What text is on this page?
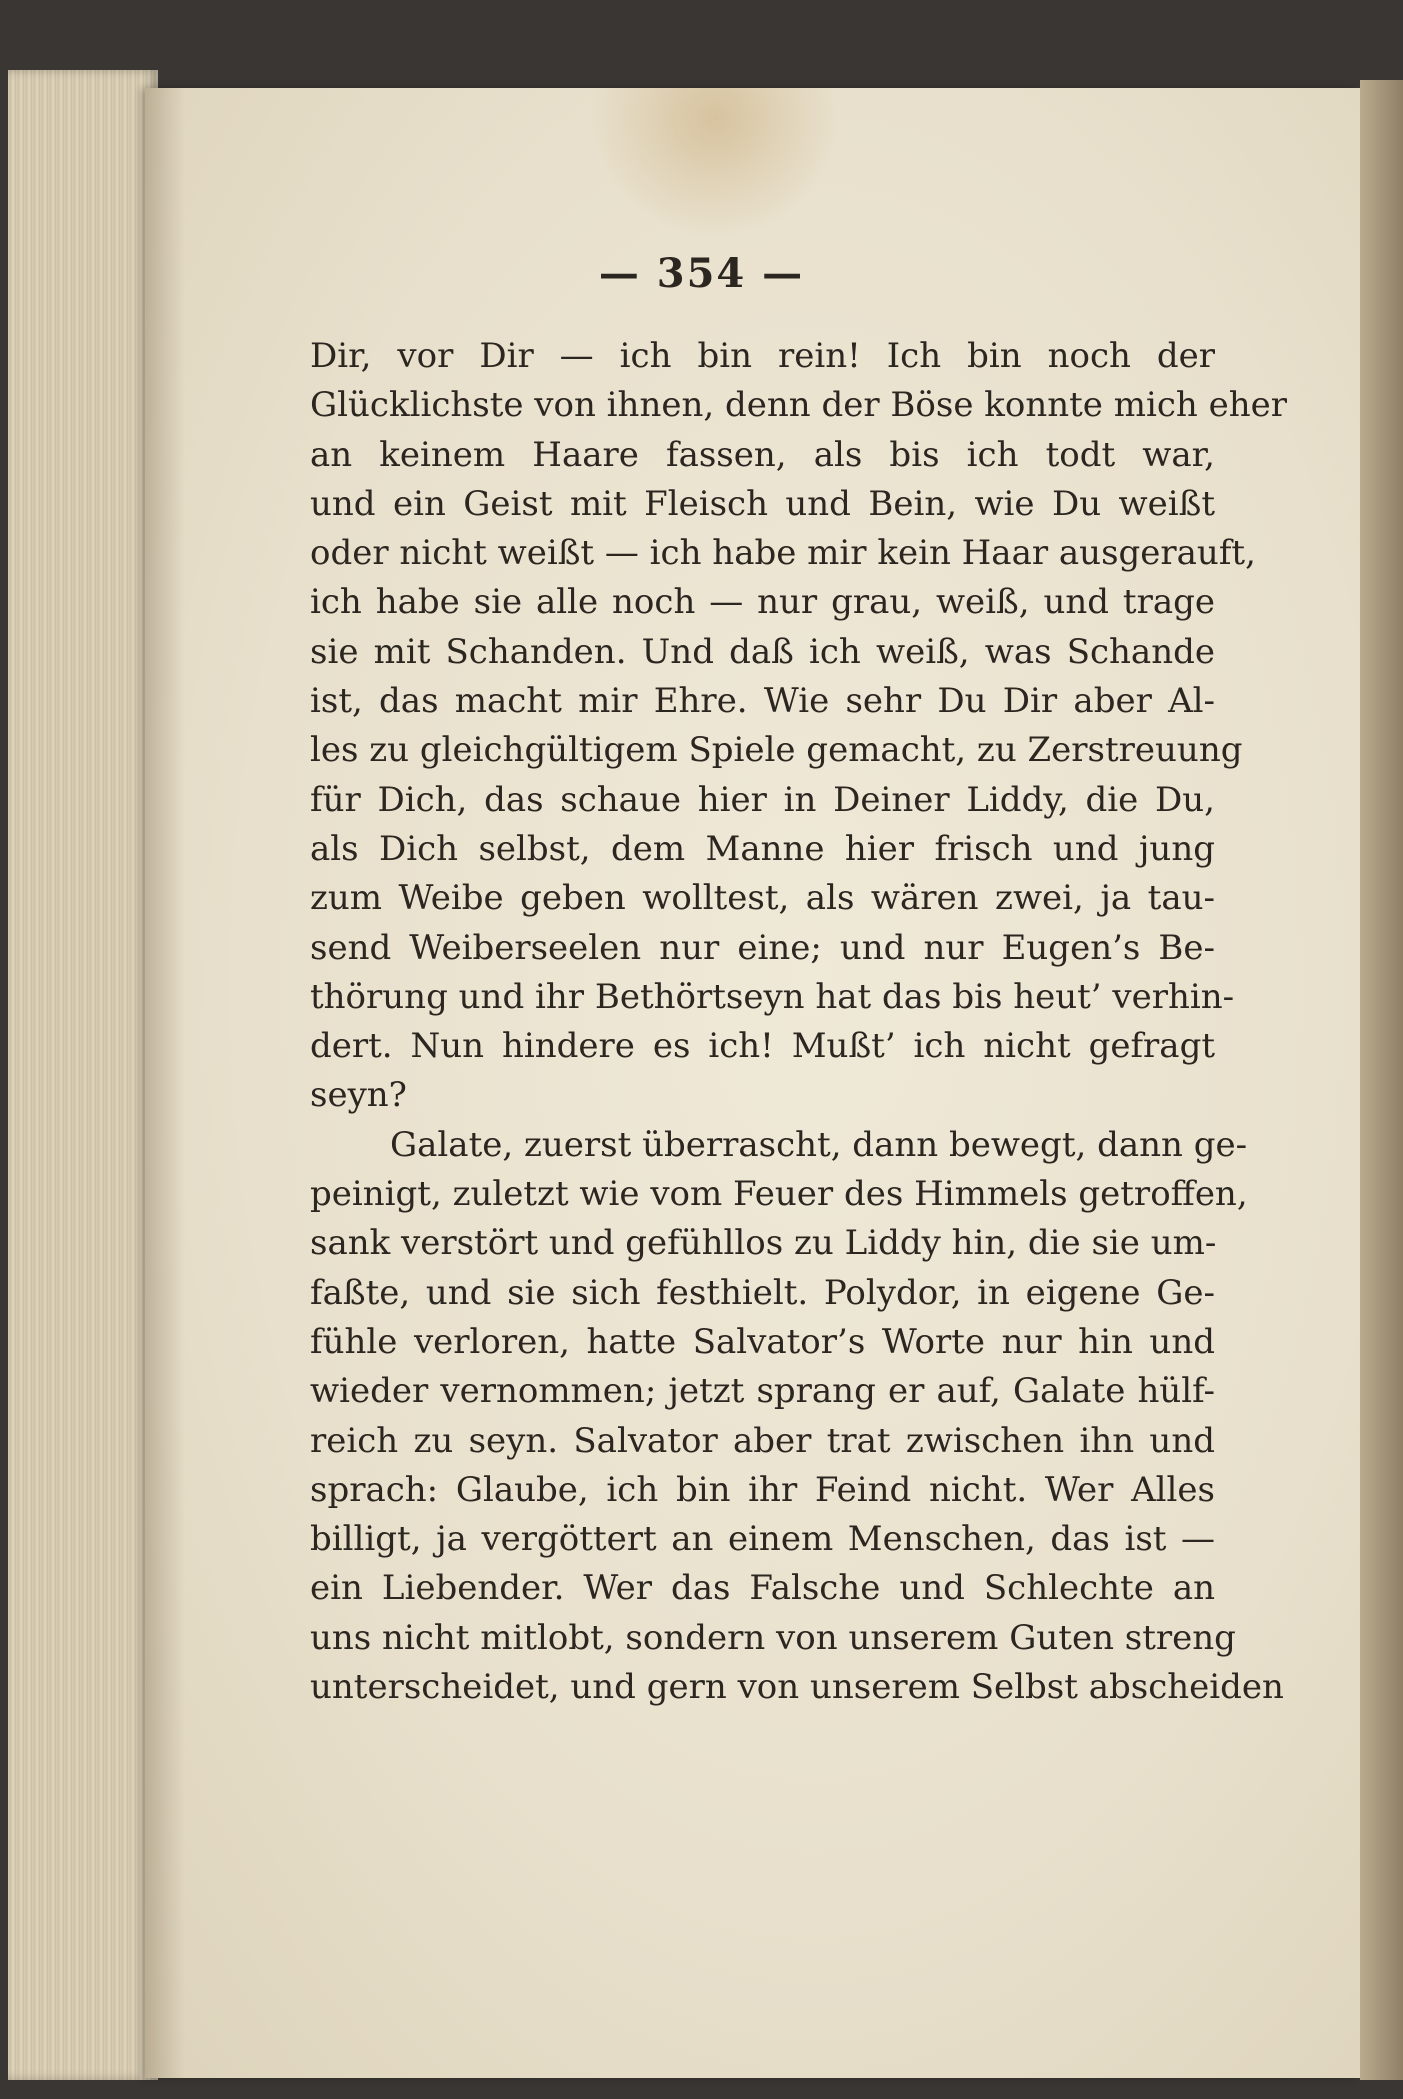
— 354 —
Dir, vor Dir — ich bin rein! Ich bin noch der
Glücklichste von ihnen, denn der Böse konnte mich eher
an keinem Haare fassen, als bis ich todt war,
und ein Geist mit Fleisch und Bein, wie Du weißt
oder nicht weißt — ich habe mir kein Haar ausgerauft,
ich habe sie alle noch — nur grau, weiß, und trage
sie mit Schanden. Und daß ich weiß, was Schande
ist, das macht mir Ehre. Wie sehr Du Dir aber Al-
les zu gleichgültigem Spiele gemacht, zu Zerstreuung
für Dich, das schaue hier in Deiner Liddy, die Du,
als Dich selbst, dem Manne hier frisch und jung
zum Weibe geben wolltest, als wären zwei, ja tau-
send Weiberseelen nur eine; und nur Eugen’s Be-
thörung und ihr Bethörtseyn hat das bis heut’ verhin-
dert. Nun hindere es ich! Mußt’ ich nicht gefragt
seyn?
Galate, zuerst überrascht, dann bewegt, dann ge-
peinigt, zuletzt wie vom Feuer des Himmels getroffen,
sank verstört und gefühllos zu Liddy hin, die sie um-
faßte, und sie sich festhielt. Polydor, in eigene Ge-
fühle verloren, hatte Salvator’s Worte nur hin und
wieder vernommen; jetzt sprang er auf, Galate hülf-
reich zu seyn. Salvator aber trat zwischen ihn und
sprach: Glaube, ich bin ihr Feind nicht. Wer Alles
billigt, ja vergöttert an einem Menschen, das ist —
ein Liebender. Wer das Falsche und Schlechte an
uns nicht mitlobt, sondern von unserem Guten streng
unterscheidet, und gern von unserem Selbst abscheiden
